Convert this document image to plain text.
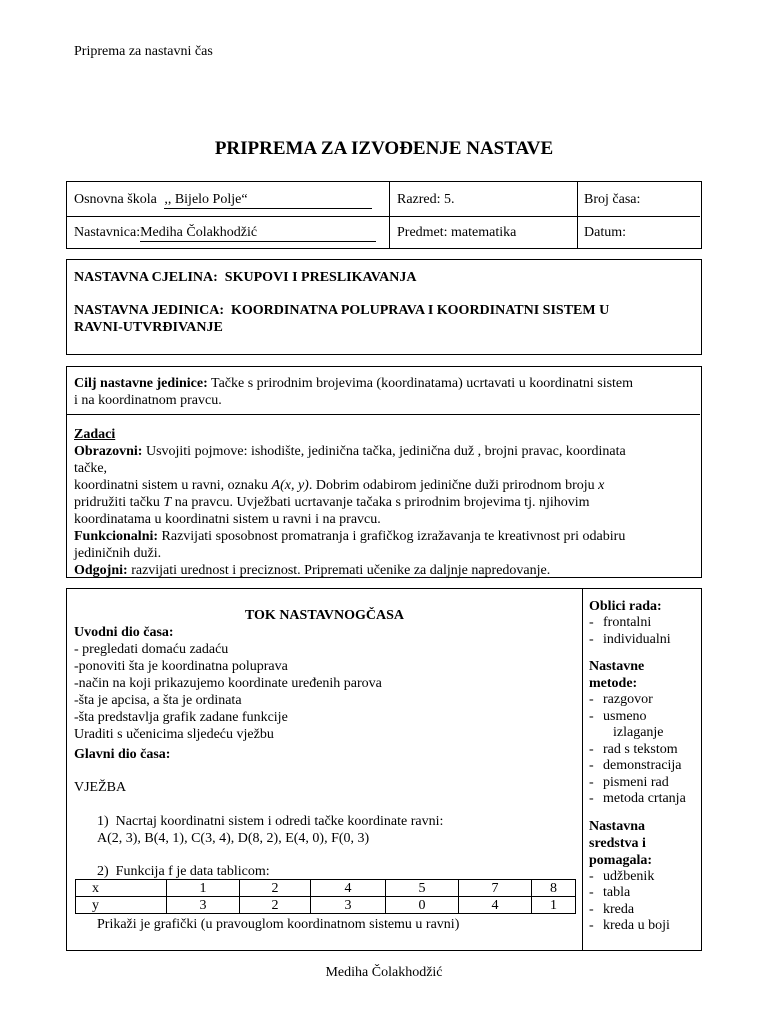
Priprema za nastavni čas
PRIPREMA ZA IZVOĐENJE NASTAVE
Osnovna škola ,, Bijelo Polje“	Razred: 5.	Broj časa:
Nastavnica:Mediha Čolakhodžić	Predmet: matematika	Datum:
NASTAVNA CJELINA: SKUPOVI I PRESLIKAVANJA
NASTAVNA JEDINICA: KOORDINATNA POLUPRAVA I KOORDINATNI SISTEM U
RAVNI-UTVRĐIVANJE
Cilj nastavne jedinice: Tačke s prirodnim brojevima (koordinatama) ucrtavati u koordinatni sistem
i na koordinatnom pravcu.
Zadaci
Obrazovni: Usvojiti pojmove: ishodište, jedinična tačka, jedinična duž , brojni pravac, koordinata
tačke,
koordinatni sistem u ravni, oznaku A(x, y). Dobrim odabirom jedinične duži prirodnom broju x
pridružiti tačku T na pravcu. Uvježbati ucrtavanje tačaka s prirodnim brojevima tj. njihovim
koordinatama u koordinatni sistem u ravni i na pravcu.
Funkcionalni: Razvijati sposobnost promatranja i grafičkog izražavanja te kreativnost pri odabiru
jediničnih duži.
Odgojni: razvijati urednost i preciznost. Pripremati učenike za daljnje napredovanje.
TOK NASTAVNOGČASA
Uvodni dio časa:
- pregledati domaću zadaću
-ponoviti šta je koordinatna poluprava
-način na koji prikazujemo koordinate uređenih parova
-šta je apcisa, a šta je ordinata
-šta predstavlja grafik zadane funkcije
Uraditi s učenicima sljedeću vježbu
Glavni dio časa:
VJEŽBA
1) Nacrtaj koordinatni sistem i odredi tačke koordinate ravni:
A(2, 3), B(4, 1), C(3, 4), D(8, 2), E(4, 0), F(0, 3)
2) Funkcija f je data tablicom:
x	1	2	4	5	7	8
y	3	2	3	0	4	1
Prikaži je grafički (u pravouglom koordinatnom sistemu u ravni)
Oblici rada:
- frontalni
- individualni
Nastavne
metode:
- razgovor
- usmeno
izlaganje
- rad s tekstom
- demonstracija
- pismeni rad
- metoda crtanja
Nastavna
sredstva i
pomagala:
- udžbenik
- tabla
- kreda
- kreda u boji
Mediha Čolakhodžić
